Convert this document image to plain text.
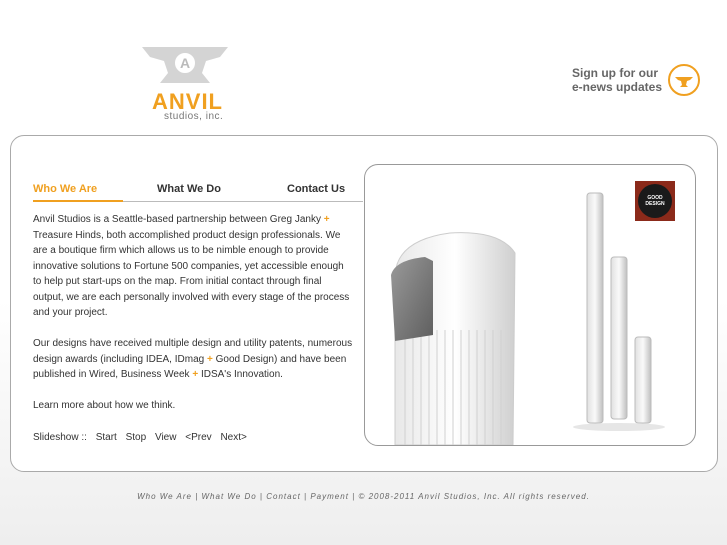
A
ANVIL
studios, inc.
Sign up for our
e-news updates
Who We Are	What We Do	Contact Us

Anvil Studios is a Seattle-based partnership between Greg Janky + Treasure Hinds, both accomplished product design professionals. We are a boutique firm which allows us to be nimble enough to provide innovative solutions to Fortune 500 companies, yet accessible enough to help put start-ups on the map. From initial contact through final output, we are each personally involved with every stage of the process and your project.

Our designs have received multiple design and utility patents, numerous design awards (including IDEA, IDmag + Good Design) and have been published in Wired, Business Week + IDSA's Innovation.

Learn more about how we think.

Slideshow :: Start Stop View <Prev Next>
GOOD
DESIGN
Who We Are | What We Do | Contact | Payment | © 2008-2011 Anvil Studios, Inc. All rights reserved.
